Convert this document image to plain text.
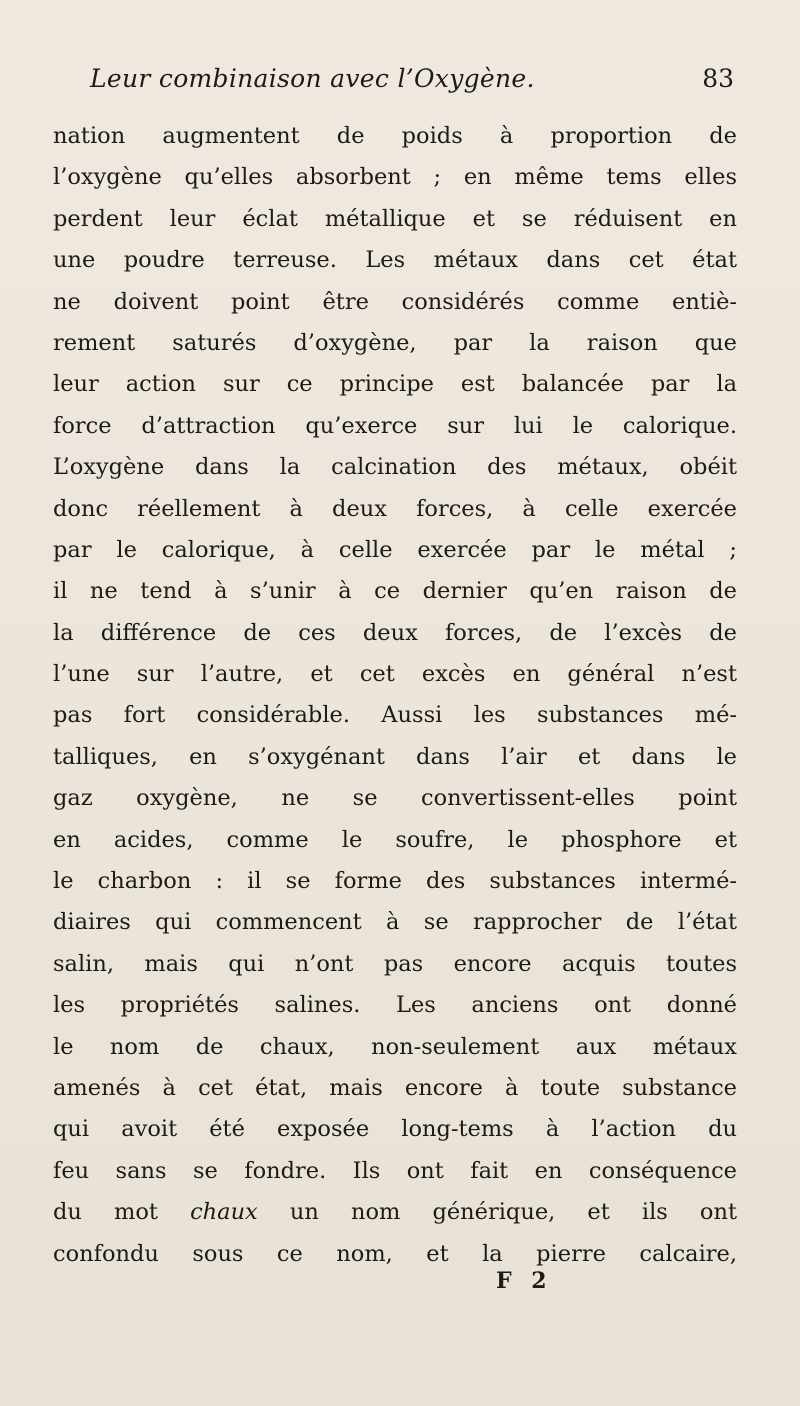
Leur combinaison avec l’Oxygène.	83
nation augmentent de poids à proportion de
l’oxygène qu’elles absorbent ; en même tems elles
perdent leur éclat métallique et se réduisent en
une poudre terreuse. Les métaux dans cet état
ne doivent point être considérés comme entiè-
rement saturés d’oxygène, par la raison que
leur action sur ce principe est balancée par la
force d’attraction qu’exerce sur lui le calorique.
L’oxygène dans la calcination des métaux, obéit
donc réellement à deux forces, à celle exercée
par le calorique, à celle exercée par le métal ;
il ne tend à s’unir à ce dernier qu’en raison de
la différence de ces deux forces, de l’excès de
l’une sur l’autre, et cet excès en général n’est
pas fort considérable. Aussi les substances mé-
talliques, en s’oxygénant dans l’air et dans le
gaz oxygène, ne se convertissent-elles point
en acides, comme le soufre, le phosphore et
le charbon : il se forme des substances intermé-
diaires qui commencent à se rapprocher de l’état
salin, mais qui n’ont pas encore acquis toutes
les propriétés salines. Les anciens ont donné
le nom de chaux, non-seulement aux métaux
amenés à cet état, mais encore à toute substance
qui avoit été exposée long-tems à l’action du
feu sans se fondre. Ils ont fait en conséquence
du mot chaux un nom générique, et ils ont
confondu sous ce nom, et la pierre calcaire,
F 2
